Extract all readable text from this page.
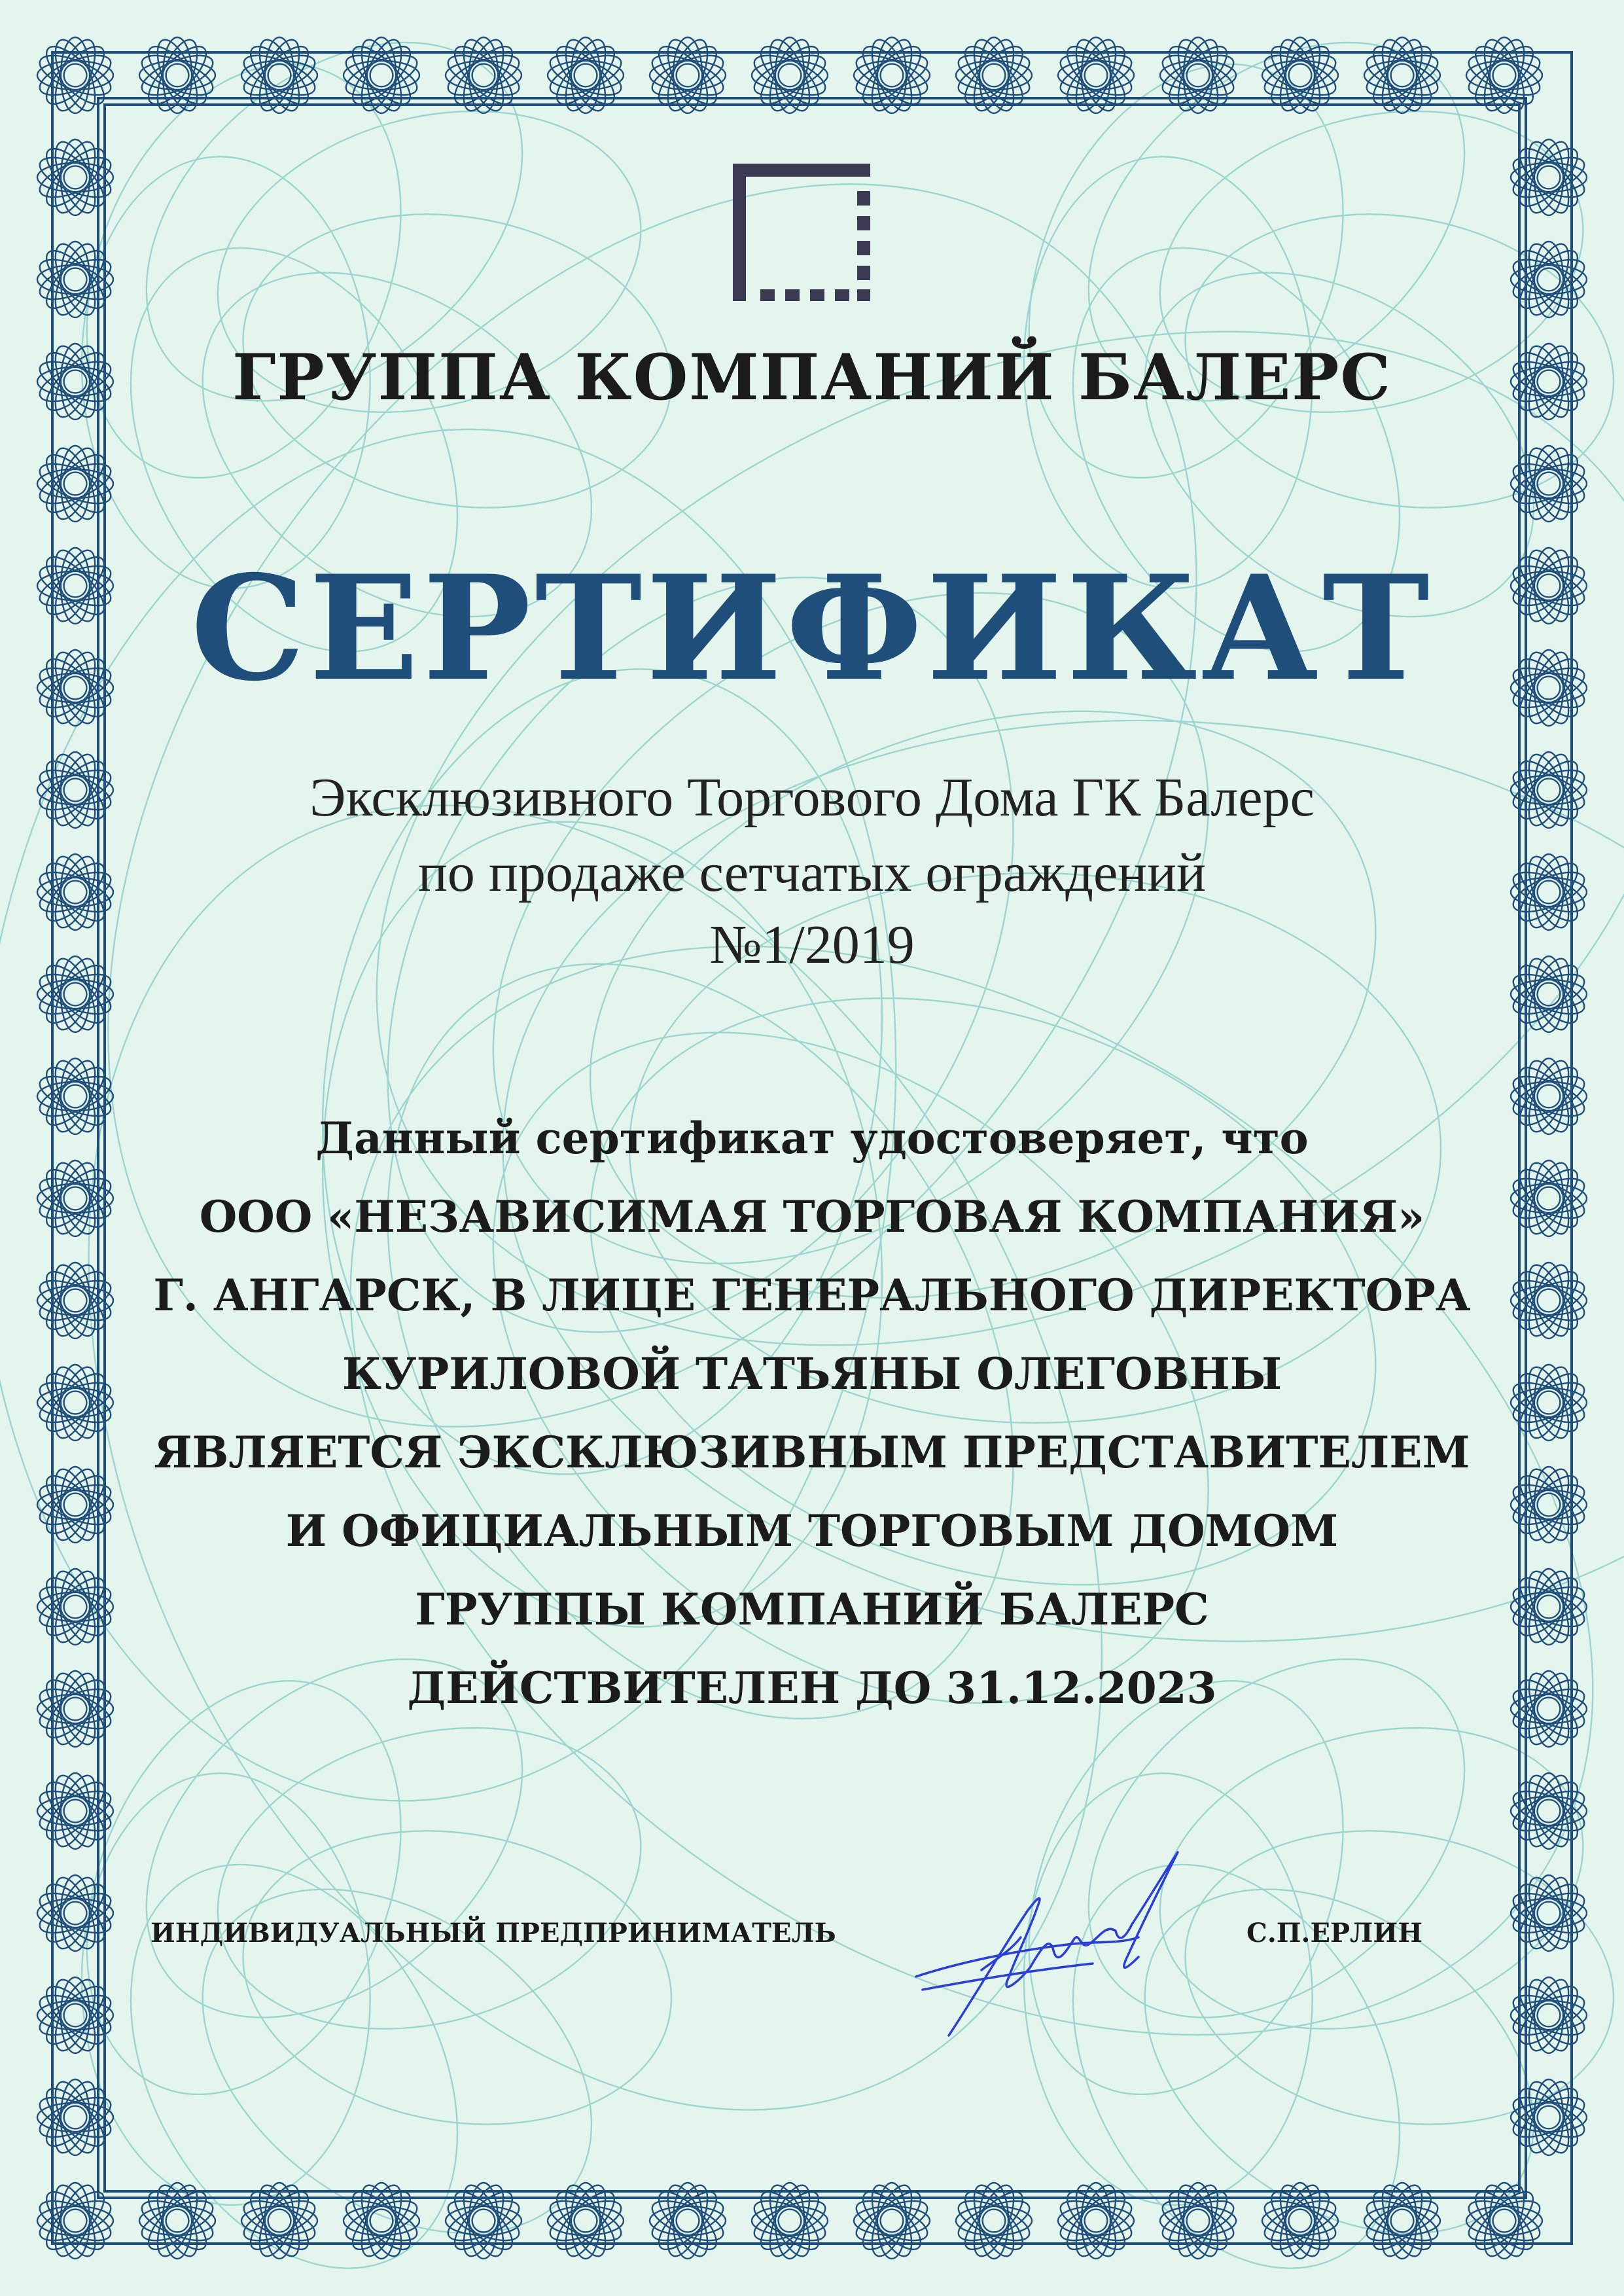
ГРУППА КОМПАНИЙ БАЛЕРС
СЕРТИФИКАТ
Эксклюзивного Торгового Дома ГК Балерс
по продаже сетчатых ограждений
№1/2019
Данный сертификат удостоверяет, что
ООО «НЕЗАВИСИМАЯ ТОРГОВАЯ КОМПАНИЯ»
Г. АНГАРСК, В ЛИЦЕ ГЕНЕРАЛЬНОГО ДИРЕКТОРА
КУРИЛОВОЙ ТАТЬЯНЫ ОЛЕГОВНЫ
ЯВЛЯЕТСЯ ЭКСКЛЮЗИВНЫМ ПРЕДСТАВИТЕЛЕМ
И ОФИЦИАЛЬНЫМ ТОРГОВЫМ ДОМОМ
ГРУППЫ КОМПАНИЙ БАЛЕРС
ДЕЙСТВИТЕЛЕН ДО 31.12.2023
ИНДИВИДУАЛЬНЫЙ ПРЕДПРИНИМАТЕЛЬ	С.П.ЕРЛИН
